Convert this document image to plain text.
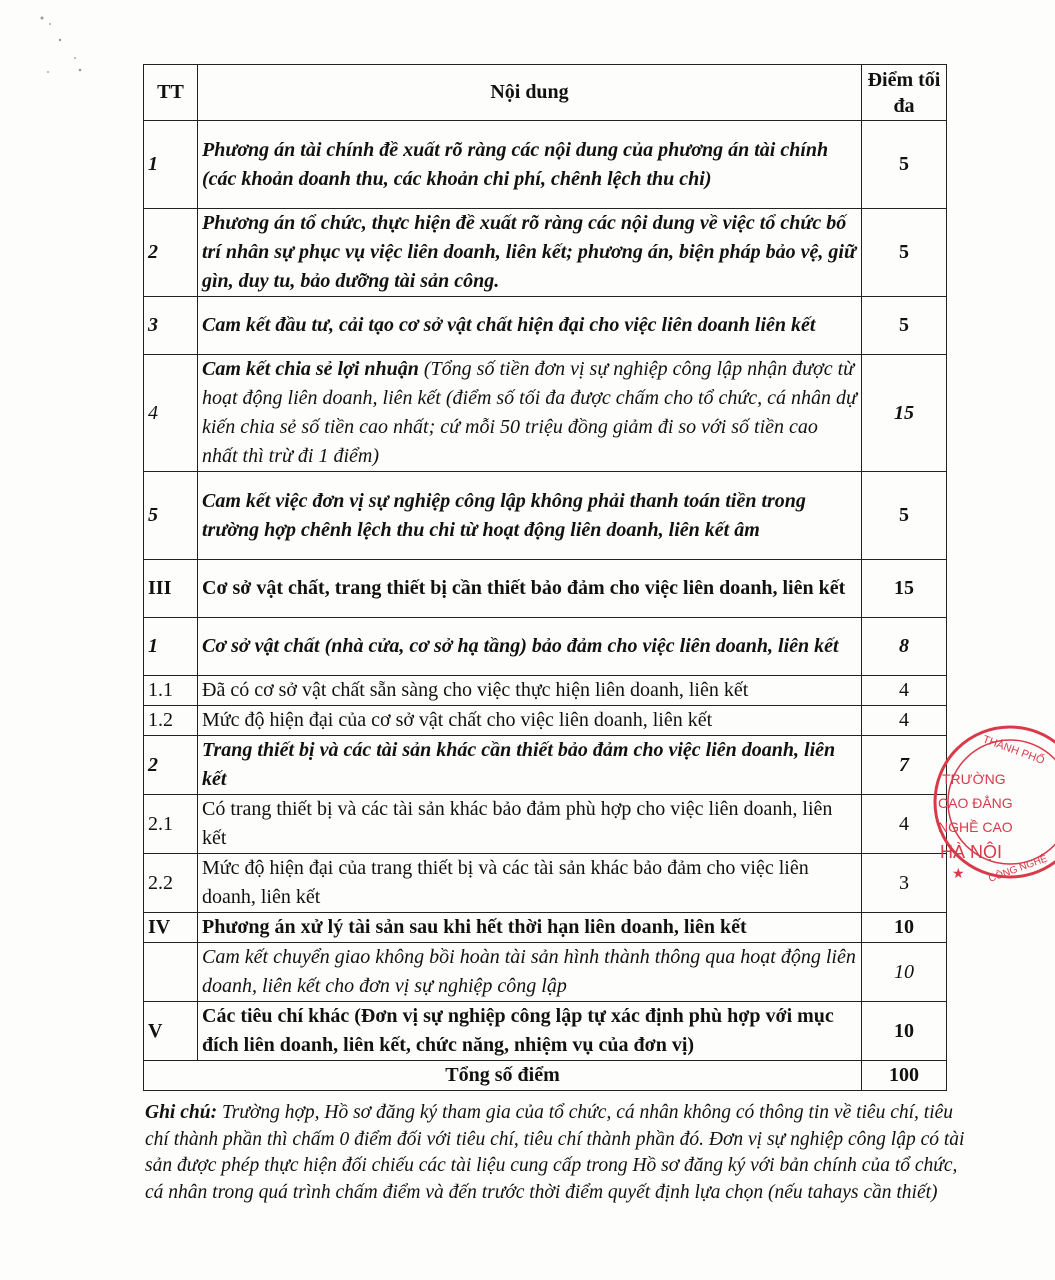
TT	Nội dung	Điểm tối đa
1	Phương án tài chính đề xuất rõ ràng các nội dung của phương án tài chính (các khoản doanh thu, các khoản chi phí, chênh lệch thu chi)	5
2	Phương án tổ chức, thực hiện đề xuất rõ ràng các nội dung về việc tổ chức bố trí nhân sự phục vụ việc liên doanh, liên kết; phương án, biện pháp bảo vệ, giữ gìn, duy tu, bảo dưỡng tài sản công.	5
3	Cam kết đầu tư, cải tạo cơ sở vật chất hiện đại cho việc liên doanh liên kết	5
4	Cam kết chia sẻ lợi nhuận (Tổng số tiền đơn vị sự nghiệp công lập nhận được từ hoạt động liên doanh, liên kết (điểm số tối đa được chấm cho tổ chức, cá nhân dự kiến chia sẻ số tiền cao nhất; cứ mỗi 50 triệu đồng giảm đi so với số tiền cao nhất thì trừ đi 1 điểm)	15
5	Cam kết việc đơn vị sự nghiệp công lập không phải thanh toán tiền trong trường hợp chênh lệch thu chi từ hoạt động liên doanh, liên kết âm	5
III	Cơ sở vật chất, trang thiết bị cần thiết bảo đảm cho việc liên doanh, liên kết	15
1	Cơ sở vật chất (nhà cửa, cơ sở hạ tầng) bảo đảm cho việc liên doanh, liên kết	8
1.1	Đã có cơ sở vật chất sẵn sàng cho việc thực hiện liên doanh, liên kết	4
1.2	Mức độ hiện đại của cơ sở vật chất cho việc liên doanh, liên kết	4
2	Trang thiết bị và các tài sản khác cần thiết bảo đảm cho việc liên doanh, liên kết	7
2.1	Có trang thiết bị và các tài sản khác bảo đảm phù hợp cho việc liên doanh, liên kết	4
2.2	Mức độ hiện đại của trang thiết bị và các tài sản khác bảo đảm cho việc liên doanh, liên kết	3
IV	Phương án xử lý tài sản sau khi hết thời hạn liên doanh, liên kết	10
	Cam kết chuyển giao không bồi hoàn tài sản hình thành thông qua hoạt động liên doanh, liên kết cho đơn vị sự nghiệp công lập	10
V	Các tiêu chí khác (Đơn vị sự nghiệp công lập tự xác định phù hợp với mục đích liên doanh, liên kết, chức năng, nhiệm vụ của đơn vị)	10
Tổng số điểm		100
Ghi chú: Trường hợp, Hồ sơ đăng ký tham gia của tổ chức, cá nhân không có thông tin về tiêu chí, tiêu chí thành phần thì chấm 0 điểm đối với tiêu chí, tiêu chí thành phần đó. Đơn vị sự nghiệp công lập có tài sản được phép thực hiện đối chiếu các tài liệu cung cấp trong Hồ sơ đăng ký với bản chính của tổ chức, cá nhân trong quá trình chấm điểm và đến trước thời điểm quyết định lựa chọn (nếu tahays cần thiết)
THÀNH PHỐ
TRƯỜNG
CAO ĐẲNG
NGHỀ CAO
HÀ NỘI
CÔNG NGHỆ
★
